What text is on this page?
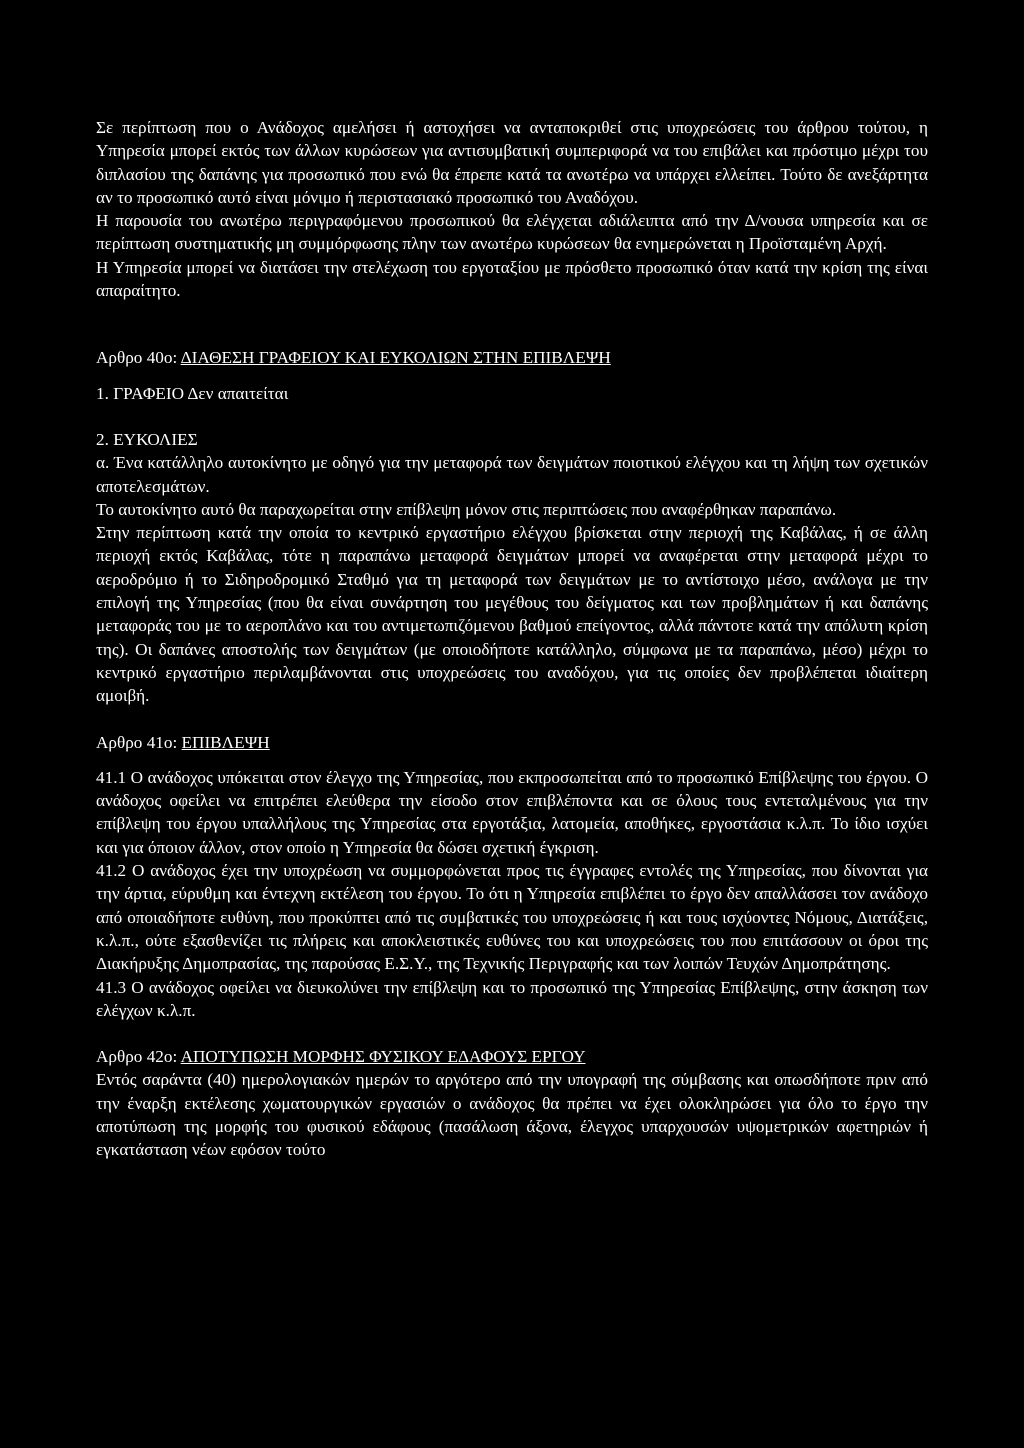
Σε περίπτωση που ο Ανάδοχος αμελήσει ή αστοχήσει να ανταποκριθεί στις υποχρεώσεις του άρθρου τούτου, η Υπηρεσία μπορεί εκτός των άλλων κυρώσεων για αντισυμβατική συμπεριφορά να του επιβάλει και πρόστιμο μέχρι του διπλασίου της δαπάνης για προσωπικό που ενώ θα έπρεπε κατά τα ανωτέρω να υπάρχει ελλείπει. Τούτο δε ανεξάρτητα αν το προσωπικό αυτό είναι μόνιμο ή περιστασιακό προσωπικό του Αναδόχου.

Η παρουσία του ανωτέρω περιγραφόμενου προσωπικού θα ελέγχεται αδιάλειπτα από την Δ/νουσα υπηρεσία και σε περίπτωση συστηματικής μη συμμόρφωσης πλην των ανωτέρω κυρώσεων θα ενημερώνεται η Προϊσταμένη Αρχή.

Η Υπηρεσία μπορεί να διατάσει την στελέχωση του εργοταξίου με πρόσθετο προσωπικό όταν κατά την κρίση της είναι απαραίτητο.

Αρθρο 40ο: ΔΙΑΘΕΣΗ ΓΡΑΦΕΙΟΥ ΚΑΙ ΕΥΚΟΛΙΩΝ ΣΤΗΝ ΕΠΙΒΛΕΨΗ

1. ΓΡΑΦΕΙΟ Δεν απαιτείται

2. ΕΥΚΟΛΙΕΣ

α. Ένα κατάλληλο αυτοκίνητο με οδηγό για την μεταφορά των δειγμάτων ποιοτικού ελέγχου και τη λήψη των σχετικών αποτελεσμάτων.

Το αυτοκίνητο αυτό θα παραχωρείται στην επίβλεψη μόνον στις περιπτώσεις που αναφέρθηκαν παραπάνω.

Στην περίπτωση κατά την οποία το κεντρικό εργαστήριο ελέγχου βρίσκεται στην περιοχή της Καβάλας, ή σε άλλη περιοχή εκτός Καβάλας, τότε η παραπάνω μεταφορά δειγμάτων μπορεί να αναφέρεται στην μεταφορά μέχρι το αεροδρόμιο ή το Σιδηροδρομικό Σταθμό για τη μεταφορά των δειγμάτων με το αντίστοιχο μέσο, ανάλογα με την επιλογή της Υπηρεσίας (που θα είναι συνάρτηση του μεγέθους του δείγματος και των προβλημάτων ή και δαπάνης μεταφοράς του με το αεροπλάνο και του αντιμετωπιζόμενου βαθμού επείγοντος, αλλά πάντοτε κατά την απόλυτη κρίση της). Οι δαπάνες αποστολής των δειγμάτων (με οποιοδήποτε κατάλληλο, σύμφωνα με τα παραπάνω, μέσο) μέχρι το κεντρικό εργαστήριο περιλαμβάνονται στις υποχρεώσεις του αναδόχου, για τις οποίες δεν προβλέπεται ιδιαίτερη αμοιβή.

Αρθρο 41ο: ΕΠΙΒΛΕΨΗ

41.1 Ο ανάδοχος υπόκειται στον έλεγχο της Υπηρεσίας, που εκπροσωπείται από το προσωπικό Επίβλεψης του έργου. Ο ανάδοχος οφείλει να επιτρέπει ελεύθερα την είσοδο στον επιβλέποντα και σε όλους τους εντεταλμένους για την επίβλεψη του έργου υπαλλήλους της Υπηρεσίας στα εργοτάξια, λατομεία, αποθήκες, εργοστάσια κ.λ.π. Το ίδιο ισχύει και για όποιον άλλον, στον οποίο η Υπηρεσία θα δώσει σχετική έγκριση.

41.2 Ο ανάδοχος έχει την υποχρέωση να συμμορφώνεται προς τις έγγραφες εντολές της Υπηρεσίας, που δίνονται για την άρτια, εύρυθμη και έντεχνη εκτέλεση του έργου. Το ότι η Υπηρεσία επιβλέπει το έργο δεν απαλλάσσει τον ανάδοχο από οποιαδήποτε ευθύνη, που προκύπτει από τις συμβατικές του υποχρεώσεις ή και τους ισχύοντες Νόμους, Διατάξεις, κ.λ.π., ούτε εξασθενίζει τις πλήρεις και αποκλειστικές ευθύνες του και υποχρεώσεις του που επιτάσσουν οι όροι της Διακήρυξης Δημοπρασίας, της παρούσας Ε.Σ.Υ., της Τεχνικής Περιγραφής και των λοιπών Τευχών Δημοπράτησης.

41.3 Ο ανάδοχος οφείλει να διευκολύνει την επίβλεψη και το προσωπικό της Υπηρεσίας Επίβλεψης, στην άσκηση των ελέγχων κ.λ.π.

Αρθρο 42ο: ΑΠΟΤΥΠΩΣΗ ΜΟΡΦΗΣ ΦΥΣΙΚΟΥ ΕΔΑΦΟΥΣ ΕΡΓΟΥ

Εντός σαράντα (40) ημερολογιακών ημερών το αργότερο από την υπογραφή της σύμβασης και οπωσδήποτε πριν από την έναρξη εκτέλεσης χωματουργικών εργασιών ο ανάδοχος θα πρέπει να έχει ολοκληρώσει για όλο το έργο την αποτύπωση της μορφής του φυσικού εδάφους (πασάλωση άξονα, έλεγχος υπαρχουσών υψομετρικών αφετηριών ή εγκατάσταση νέων εφόσον τούτο
